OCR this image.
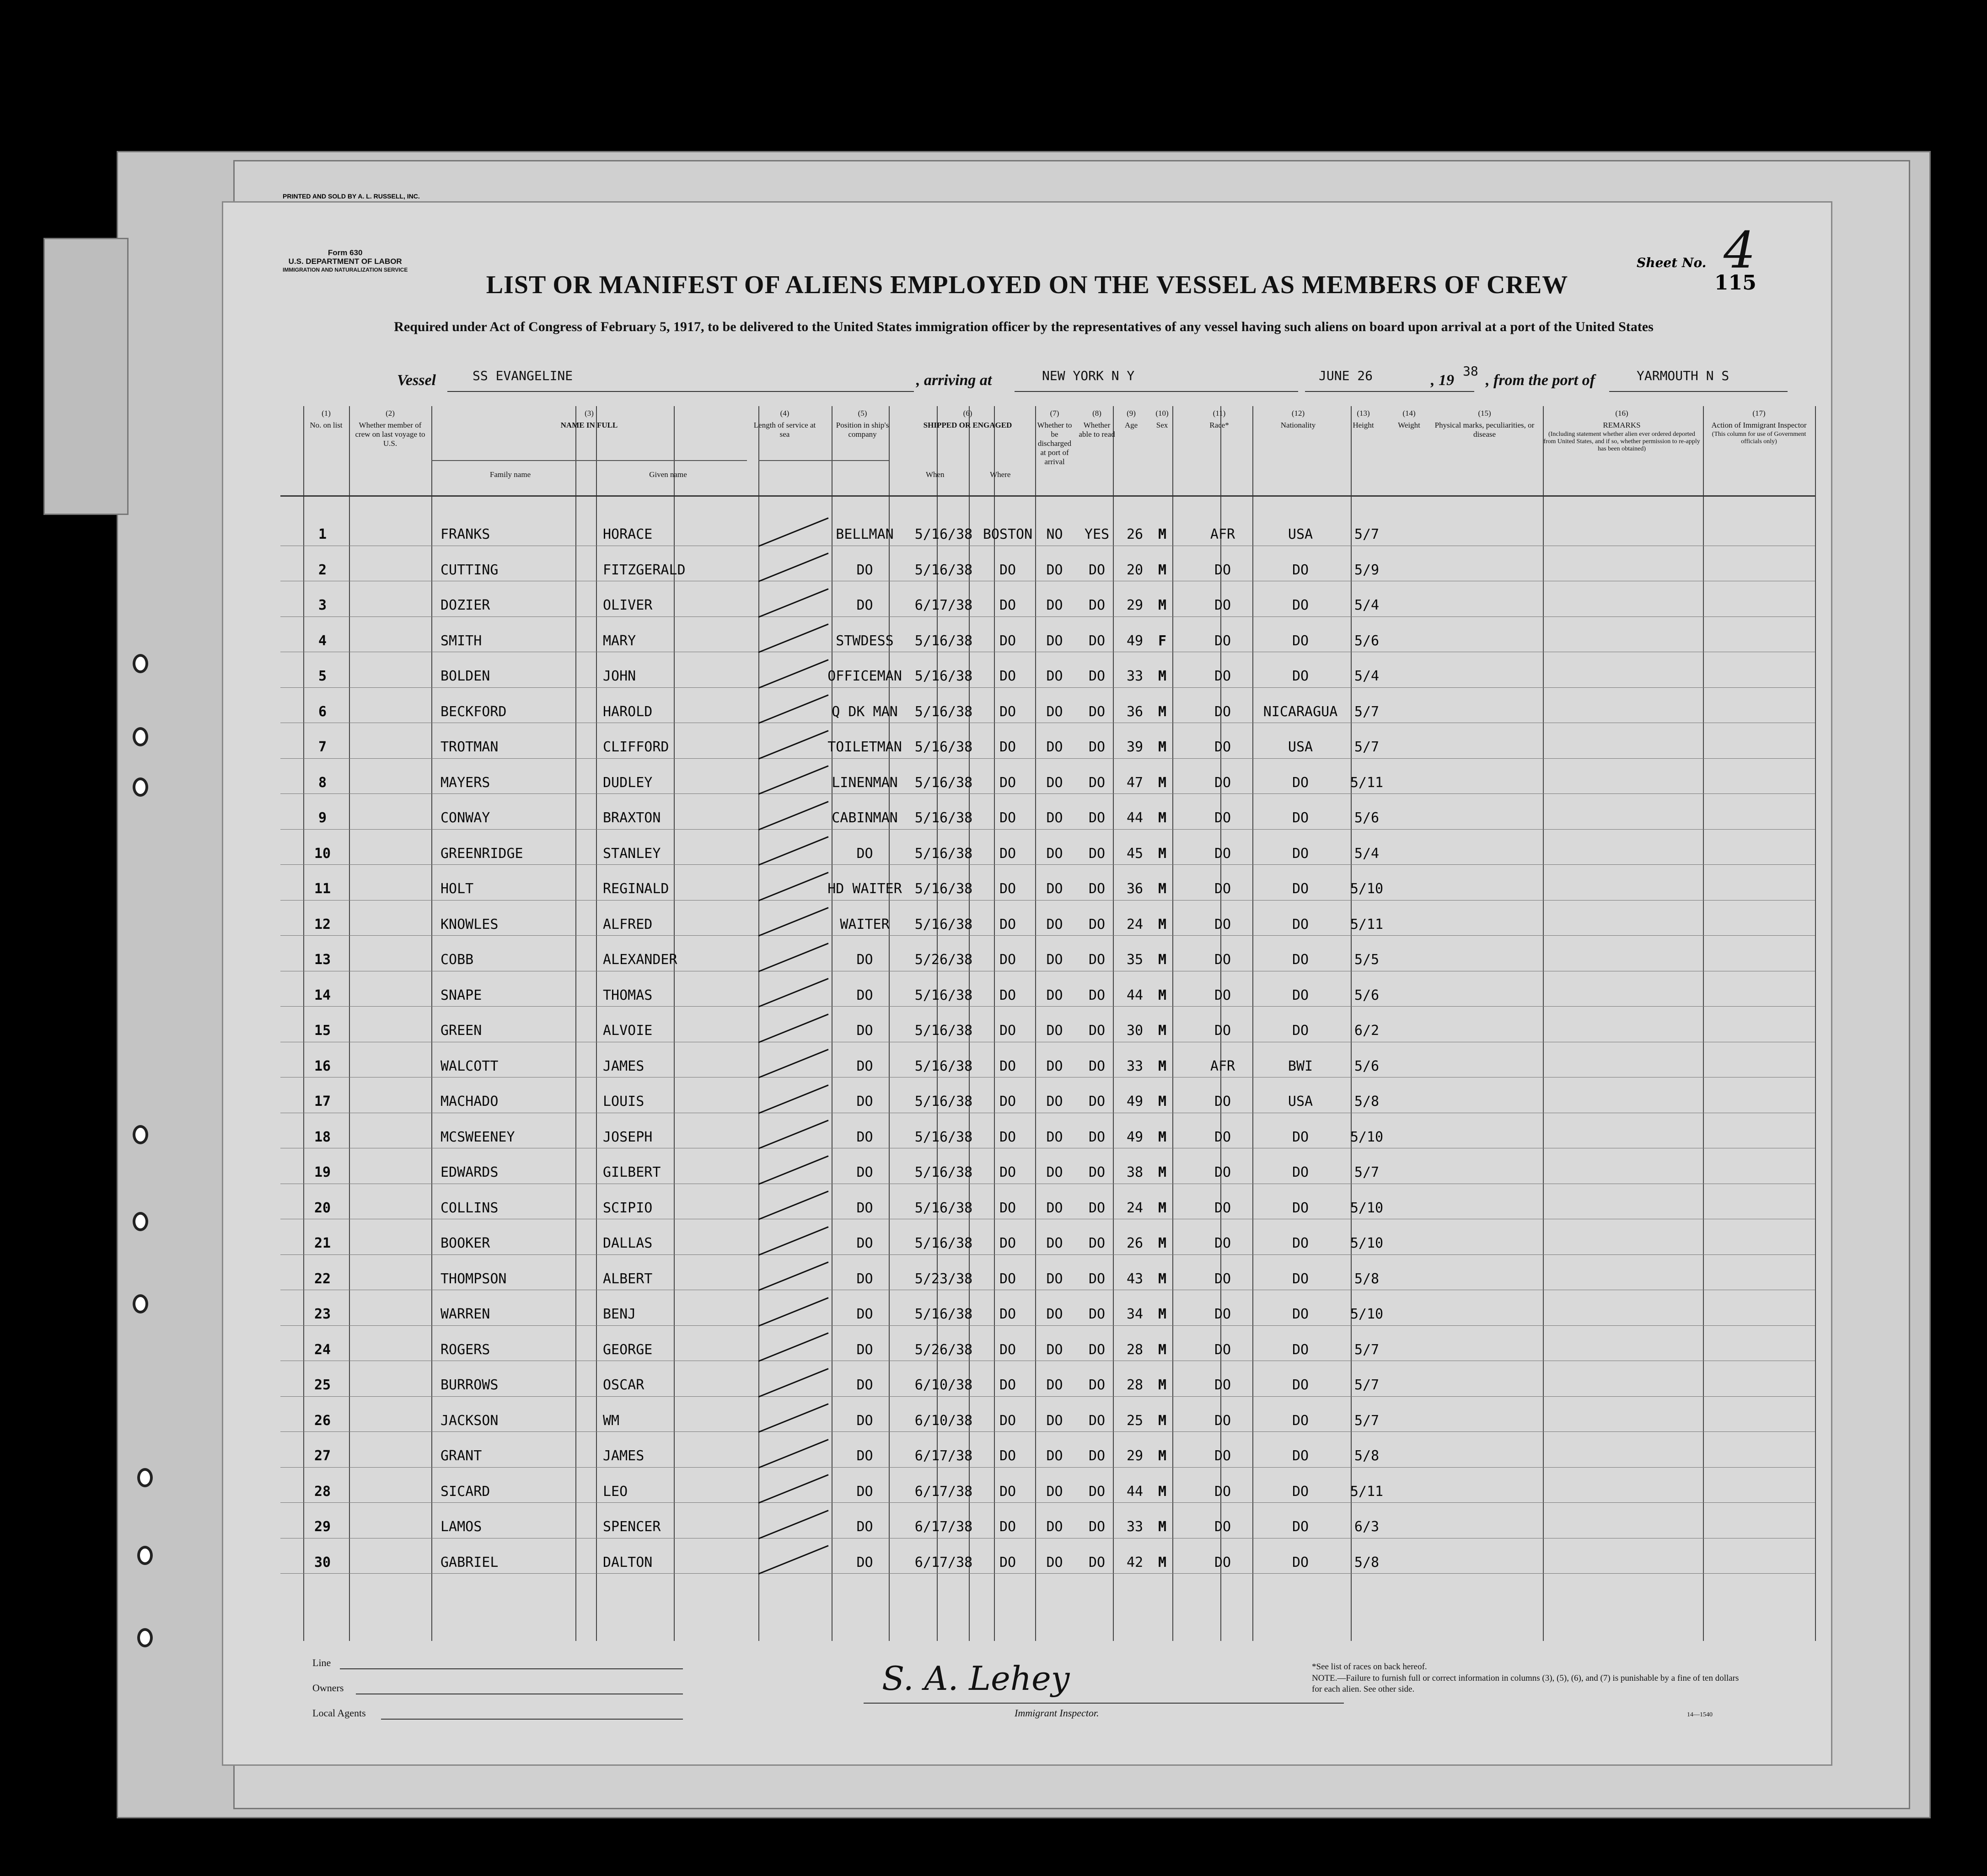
PRINTED AND SOLD BY A. L. RUSSELL, INC.
Form 630
U.S. DEPARTMENT OF LABOR
IMMIGRATION AND NATURALIZATION SERVICE
LIST OR MANIFEST OF ALIENS EMPLOYED ON THE VESSEL AS MEMBERS OF CREW
Required under Act of Congress of February 5, 1917, to be delivered to the United States immigration officer by the representatives of any vessel having such aliens on board upon arrival at a port of the United States
Sheet No. 4
115
Vessel	SS EVANGELINE	, arriving at	NEW YORK N Y	JUNE 26	, 19
38
, from the port of	YARMOUTH N S
(1)
No. on list
(2)
Whether member of crew on last voyage to U.S.
(3)
NAME IN FULL
Family name	Given name
(4)
Length of service at sea
(5)
Position in ship's company
(6)
SHIPPED OR ENGAGED
When	Where
(7)
Whether to be discharged at port of arrival
(8)
Whether able to read
(9)
Age
(10)
Sex
(11)
Race*
(12)
Nationality
(13)
Height
(14)
Weight
(15)
Physical marks, peculiarities, or disease
(16)
REMARKS
(Including statement whether alien ever ordered deported from United States, and if so, whether permission to re-apply has been obtained)
(17)
Action of Immigrant Inspector
(This column for use of Government officials only)
1	FRANKS	HORACE	BELLMAN	5/16/38 BOSTON	NO	YES	26	M	AFR	USA	5/7
2	CUTTING	FITZGERALD	DO	5/16/38	DO	DO	DO	20	M	DO	DO	5/9
3	DOZIER	OLIVER	DO	6/17/38	DO	DO	DO	29	M	DO	DO	5/4
4	SMITH	MARY	STWDESS	5/16/38	DO	DO	DO	49	F	DO	DO	5/6
5	BOLDEN	JOHN	OFFICEMAN 5/16/38	DO	DO	DO	33	M	DO	DO	5/4
6	BECKFORD	HAROLD	Q DK MAN	5/16/38	DO	DO	DO	36	M	DO	NICARAGUA	5/7
7	TROTMAN	CLIFFORD	TOILETMAN 5/16/38	DO	DO	DO	39	M	DO	USA	5/7
8	MAYERS	DUDLEY	LINENMAN	5/16/38	DO	DO	DO	47	M	DO	DO	5/11
9	CONWAY	BRAXTON	CABINMAN	5/16/38	DO	DO	DO	44	M	DO	DO	5/6
10	GREENRIDGE	STANLEY	DO	5/16/38	DO	DO	DO	45	M	DO	DO	5/4
11	HOLT	REGINALD	HD WAITER 5/16/38	DO	DO	DO	36	M	DO	DO	5/10
12	KNOWLES	ALFRED	WAITER	5/16/38	DO	DO	DO	24	M	DO	DO	5/11
13	COBB	ALEXANDER	DO	5/26/38	DO	DO	DO	35	M	DO	DO	5/5
14	SNAPE	THOMAS	DO	5/16/38	DO	DO	DO	44	M	DO	DO	5/6
15	GREEN	ALVOIE	DO	5/16/38	DO	DO	DO	30	M	DO	DO	6/2
16	WALCOTT	JAMES	DO	5/16/38	DO	DO	DO	33	M	AFR	BWI	5/6
17	MACHADO	LOUIS	DO	5/16/38	DO	DO	DO	49	M	DO	USA	5/8
18	MCSWEENEY	JOSEPH	DO	5/16/38	DO	DO	DO	49	M	DO	DO	5/10
19	EDWARDS	GILBERT	DO	5/16/38	DO	DO	DO	38	M	DO	DO	5/7
20	COLLINS	SCIPIO	DO	5/16/38	DO	DO	DO	24	M	DO	DO	5/10
21	BOOKER	DALLAS	DO	5/16/38	DO	DO	DO	26	M	DO	DO	5/10
22	THOMPSON	ALBERT	DO	5/23/38	DO	DO	DO	43	M	DO	DO	5/8
23	WARREN	BENJ	DO	5/16/38	DO	DO	DO	34	M	DO	DO	5/10
24	ROGERS	GEORGE	DO	5/26/38	DO	DO	DO	28	M	DO	DO	5/7
25	BURROWS	OSCAR	DO	6/10/38	DO	DO	DO	28	M	DO	DO	5/7
26	JACKSON	WM	DO	6/10/38	DO	DO	DO	25	M	DO	DO	5/7
27	GRANT	JAMES	DO	6/17/38	DO	DO	DO	29	M	DO	DO	5/8
28	SICARD	LEO	DO	6/17/38	DO	DO	DO	44	M	DO	DO	5/11
29	LAMOS	SPENCER	DO	6/17/38	DO	DO	DO	33	M	DO	DO	6/3
30	GABRIEL	DALTON	DO	6/17/38	DO	DO	DO	42	M	DO	DO	5/8
Line
Owners
Local Agents
S. A. Lehey
Immigrant Inspector.
*See list of races on back hereof.
NOTE.—Failure to furnish full or correct information in columns (3), (5), (6), and (7) is punishable by a fine of ten dollars for each alien. See other side.
14—1540
